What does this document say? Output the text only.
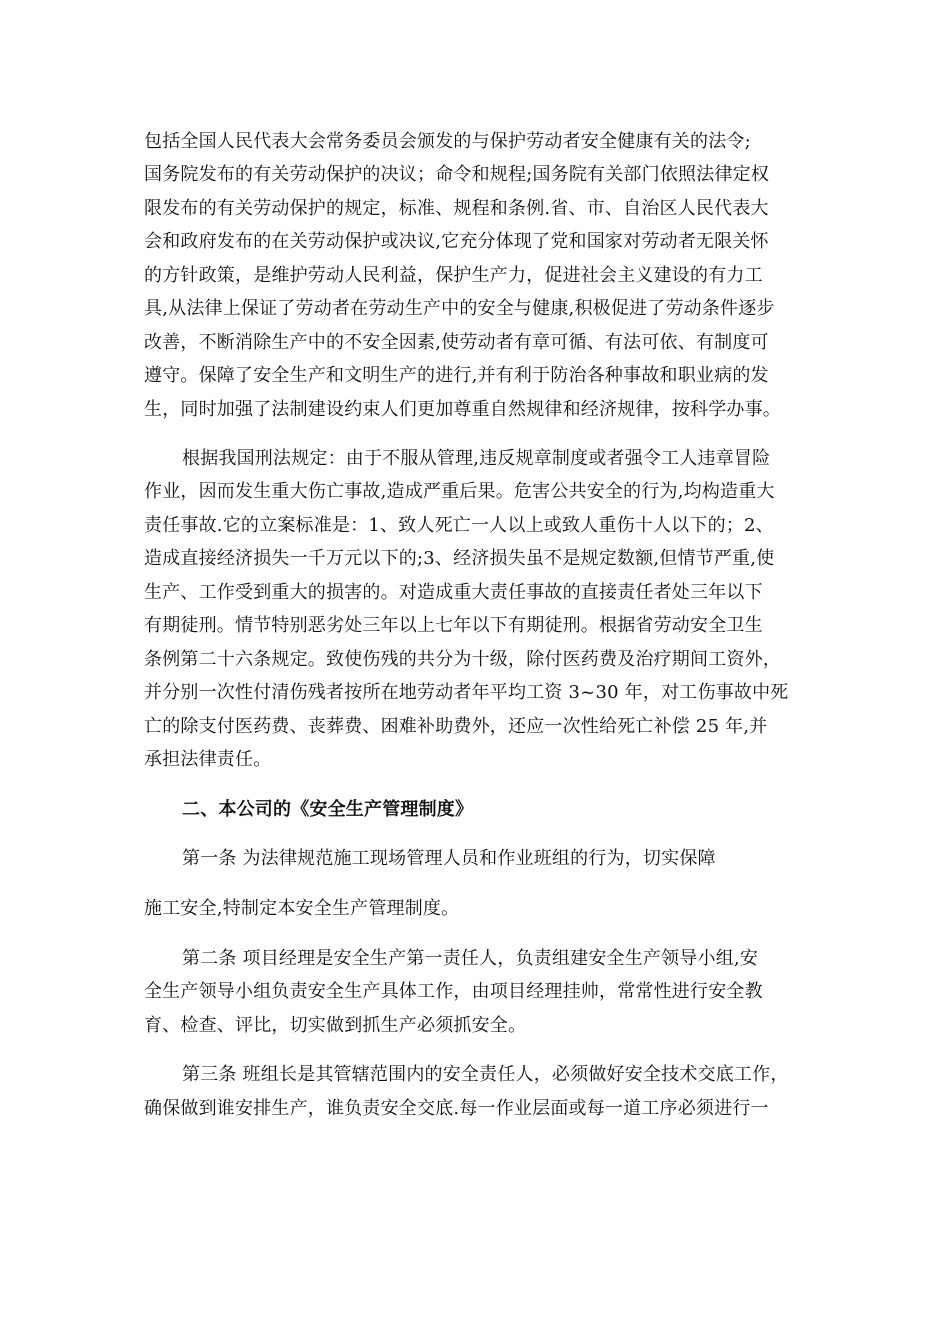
包括全国人民代表大会常务委员会颁发的与保护劳动者安全健康有关的法令;
国务院发布的有关劳动保护的决议；命令和规程;国务院有关部门依照法律定权
限发布的有关劳动保护的规定，标准、规程和条例.省、市、自治区人民代表大
会和政府发布的在关劳动保护或决议,它充分体现了党和国家对劳动者无限关怀
的方针政策，是维护劳动人民利益，保护生产力，促进社会主义建设的有力工
具,从法律上保证了劳动者在劳动生产中的安全与健康,积极促进了劳动条件逐步
改善，不断消除生产中的不安全因素,使劳动者有章可循、有法可依、有制度可
遵守。保障了安全生产和文明生产的进行,并有利于防治各种事故和职业病的发
生，同时加强了法制建设约束人们更加尊重自然规律和经济规律，按科学办事。
根据我国刑法规定：由于不服从管理,违反规章制度或者强令工人违章冒险
作业，因而发生重大伤亡事故,造成严重后果。危害公共安全的行为,均构造重大
责任事故.它的立案标准是：1、致人死亡一人以上或致人重伤十人以下的；2、
造成直接经济损失一千万元以下的;3、经济损失虽不是规定数额,但情节严重,使
生产、工作受到重大的损害的。对造成重大责任事故的直接责任者处三年以下
有期徒刑。情节特别恶劣处三年以上七年以下有期徒刑。根据省劳动安全卫生
条例第二十六条规定。致使伤残的共分为十级，除付医药费及治疗期间工资外，
并分别一次性付清伤残者按所在地劳动者年平均工资 3~30 年，对工伤事故中死
亡的除支付医药费、丧葬费、困难补助费外，还应一次性给死亡补偿 25 年,并
承担法律责任。
二、本公司的《安全生产管理制度》
第一条 为法律规范施工现场管理人员和作业班组的行为，切实保障
施工安全,特制定本安全生产管理制度。
第二条 项目经理是安全生产第一责任人，负责组建安全生产领导小组,安
全生产领导小组负责安全生产具体工作，由项目经理挂帅，常常性进行安全教
育、检查、评比，切实做到抓生产必须抓安全。
第三条 班组长是其管辖范围内的安全责任人，必须做好安全技术交底工作，
确保做到谁安排生产，谁负责安全交底.每一作业层面或每一道工序必须进行一
